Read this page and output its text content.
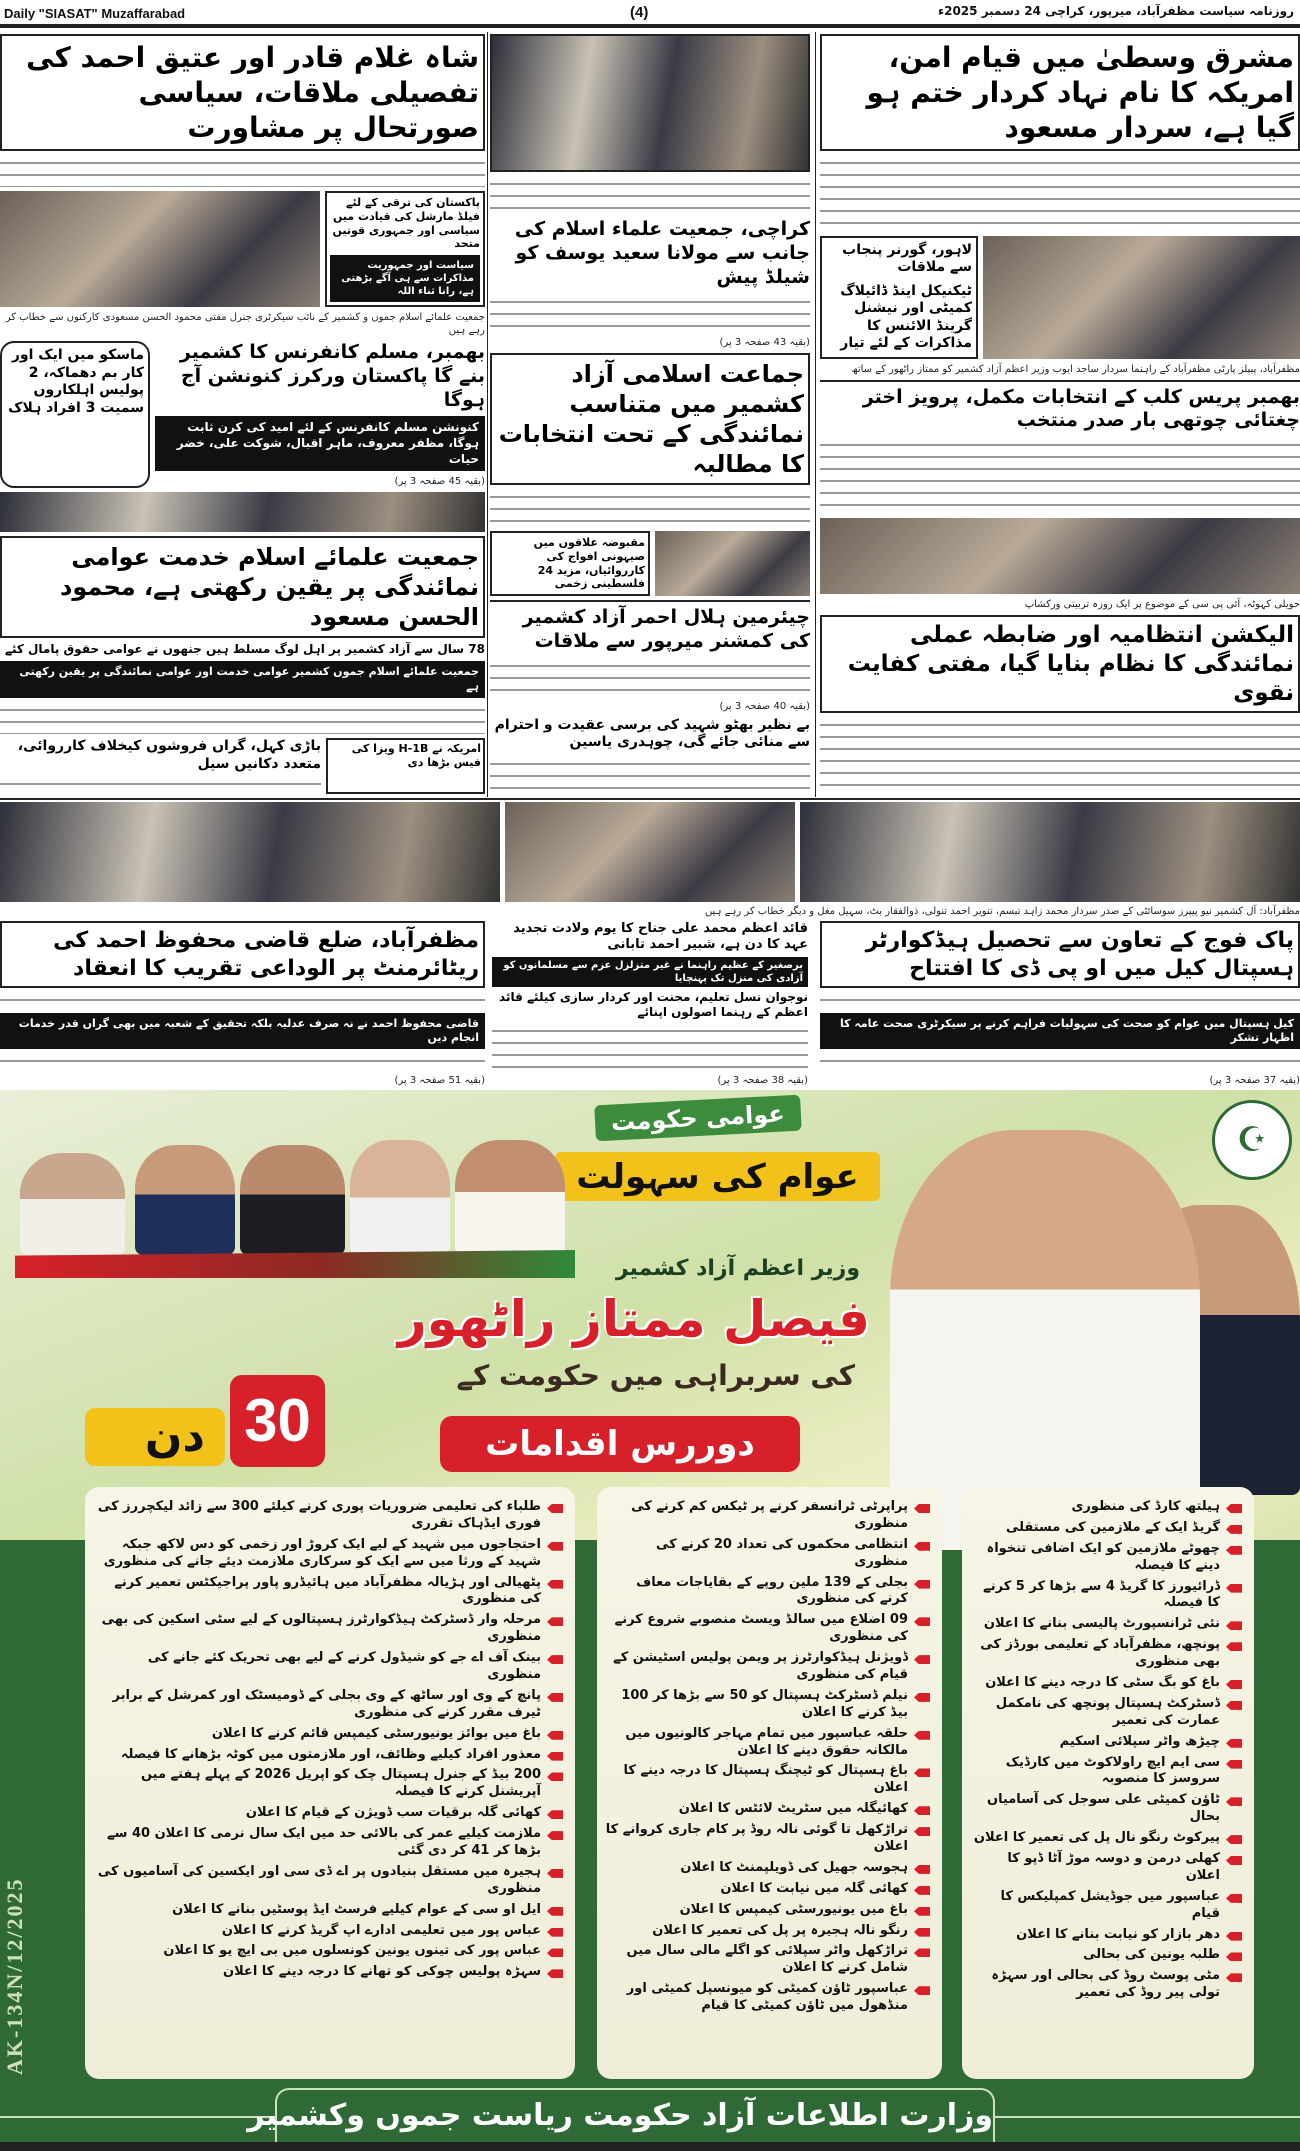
Daily "SIASAT" Muzaffarabad	(4)	روزنامہ سیاست مظفرآباد، میرپور، کراچی 24 دسمبر 2025ء
شاہ غلام قادر اور عتیق احمد کی تفصیلی ملاقات، سیاسی صورتحال پر مشاورت
پاکستان کی ترقی کے لئے فیلڈ مارشل کی قیادت میں سیاسی اور جمہوری قوتیں متحد
سیاست اور جمہوریت مذاکرات سے ہی آگے بڑھتی ہے، رانا ثناء اللہ
جمعیت علمائے اسلام جموں و کشمیر کے نائب سیکرٹری جنرل مفتی محمود الحسن مسعودی کارکنوں سے خطاب کر رہے ہیں
ماسکو میں ایک اور کار بم دھماکہ، 2 پولیس اہلکاروں سمیت 3 افراد ہلاک
بھمبر، مسلم کانفرنس کا کشمیر بنے گا پاکستان ورکرز کنونشن آج ہوگا
کنونشن مسلم کانفرنس کے لئے امید کی کرن ثابت ہوگا، مظفر معروف، ماہر اقبال، شوکت علی، خضر حیات
(بقیہ 45 صفحہ 3 پر)
جمعیت علمائے اسلام خدمت عوامی نمائندگی پر یقین رکھتی ہے، محمود الحسن مسعود
78 سال سے آزاد کشمیر پر اہل لوگ مسلط ہیں جنھوں نے عوامی حقوق پامال کئے
جمعیت علمائے اسلام جموں کشمیر عوامی خدمت اور عوامی نمائندگی پر یقین رکھتی ہے
باڑی کہل، گراں فروشوں کیخلاف کارروائی، متعدد دکانیں سیل
امریکہ نے H-1B ویزا کی فیس بڑھا دی
کراچی، جمعیت علماء اسلام کی جانب سے مولانا سعید یوسف کو شیلڈ پیش
(بقیہ 43 صفحہ 3 پر)
جماعت اسلامی آزاد کشمیر میں متناسب نمائندگی کے تحت انتخابات کا مطالبہ
مقبوضہ علاقوں میں صیہونی افواج کی کارروائیاں، مزید 24 فلسطینی زخمی
چیئرمین ہلال احمر آزاد کشمیر کی کمشنر میرپور سے ملاقات
(بقیہ 40 صفحہ 3 پر)
بے نظیر بھٹو شہید کی برسی عقیدت و احترام سے منائی جائے گی، چوہدری یاسین
مشرق وسطیٰ میں قیام امن، امریکہ کا نام نہاد کردار ختم ہو گیا ہے، سردار مسعود
لاہور، گورنر پنجاب سے ملاقات
ٹیکنیکل اینڈ ڈائیلاگ کمیٹی اور نیشنل گرینڈ الائنس کا مذاکرات کے لئے تیار
مظفرآباد، پیپلز پارٹی مظفرآباد کے راہنما سردار ساجد ایوب وزیر اعظم آزاد کشمیر کو ممتاز راٹھور کے ساتھ
بھمبر پریس کلب کے انتخابات مکمل، پرویز اختر چغتائی چوتھی بار صدر منتخب
حویلی کہوٹہ، آئی پی سی کے موضوع پر ایک روزہ تربیتی ورکشاپ
الیکشن انتظامیہ اور ضابطہ عملی نمائندگی کا نظام بنایا گیا، مفتی کفایت نقوی
مظفرآباد: آل کشمیر نیو پیپرز سوسائٹی کے صدر سردار محمد زاہد تبسم، تنویر احمد تنولی، ذوالفقار بٹ، سہیل مغل و دیگر خطاب کر رہے ہیں
پاک فوج کے تعاون سے تحصیل ہیڈکوارٹر ہسپتال کیل میں او پی ڈی کا افتتاح
کیل ہسپتال میں عوام کو صحت کی سہولیات فراہم کرنے پر سیکرٹری صحت عامہ کا اظہار تشکر
(بقیہ 37 صفحہ 3 پر)
قائد اعظم محمد علی جناح کا یوم ولادت تجدید عہد کا دن ہے، شبیر احمد تابانی
برصغیر کے عظیم راہنما نے غیر متزلزل عزم سے مسلمانوں کو آزادی کی منزل تک پہنچایا
نوجوان نسل تعلیم، محنت اور کردار سازی کیلئے قائد اعظم کے رہنما اصولوں اپنائے
(بقیہ 38 صفحہ 3 پر)
مظفرآباد، ضلع قاضی محفوظ احمد کی ریٹائرمنٹ پر الوداعی تقریب کا انعقاد
قاضی محفوظ احمد نے نہ صرف عدلیہ بلکہ تحقیق کے شعبہ میں بھی گراں قدر خدمات انجام دیں
(بقیہ 51 صفحہ 3 پر)
☪
عوامی حکومت
عوام کی سہولت
وزیر اعظم آزاد کشمیر
فیصل ممتاز راٹھور
کی سربراہی میں حکومت کے
دوررس اقدامات
دن 30
طلباء کی تعلیمی ضروریات پوری کرنے کیلئے 300 سے زائد لیکچررز کی فوری ایڈہاک تقرری
احتجاجوں میں شہید کے لیے ایک کروڑ اور زخمی کو دس لاکھ جبکہ شہید کے ورثا میں سے ایک کو سرکاری ملازمت دیئے جانے کی منظوری
پٹھیالی اور ہڑیالہ مظفرآباد میں ہائیڈرو پاور پراجیکٹس تعمیر کرنے کی منظوری
مرحلہ وار ڈسٹرکٹ ہیڈکوارٹرز ہسپتالوں کے لیے سٹی اسکین کی بھی منظوری
بینک آف اے جے کو شیڈول کرنے کے لیے بھی تحریک کئے جانے کی منظوری
پانچ کے وی اور ساٹھ کے وی بجلی کے ڈومیسٹک اور کمرشل کے برابر ٹیرف مقرر کرنے کی منظوری
باغ میں بوائز یونیورسٹی کیمپس قائم کرنے کا اعلان
معذور افراد کیلیے وظائف، اور ملازمتوں میں کوٹہ بڑھانے کا فیصلہ
200 بیڈ کے جنرل ہسپتال چک کو اپریل 2026 کے پہلے ہفتے میں آپریشنل کرنے کا فیصلہ
کھائی گلہ برقیات سب ڈویژن کے قیام کا اعلان
ملازمت کیلیے عمر کی بالائی حد میں ایک سال نرمی کا اعلان 40 سے بڑھا کر 41 کر دی گئی
ہجیرہ میں مستقل بنیادوں پر اے ڈی سی اور ایکسین کی آسامیوں کی منظوری
ایل او سی کے عوام کیلیے فرسٹ ایڈ پوسٹیں بنانے کا اعلان
عباس پور میں تعلیمی ادارے اپ گریڈ کرنے کا اعلان
عباس پور کی تینوں یونین کونسلوں میں بی ایچ یو کا اعلان
سہڑہ پولیس چوکی کو تھانے کا درجہ دینے کا اعلان
پراپرٹی ٹرانسفر کرنے پر ٹیکس کم کرنے کی منظوری
انتظامی محکموں کی تعداد 20 کرنے کی منظوری
بجلی کے 139 ملین روپے کے بقایاجات معاف کرنے کی منظوری
09 اضلاع میں سالڈ ویسٹ منصوبے شروع کرنے کی منظوری
ڈویژنل ہیڈکوارٹرز پر ویمن پولیس اسٹیشن کے قیام کی منظوری
نیلم ڈسٹرکٹ ہسپتال کو 50 سے بڑھا کر 100 بیڈ کرنے کا اعلان
حلقہ عباسپور میں تمام مہاجر کالونیوں میں مالکانہ حقوق دینے کا اعلان
باغ ہسپتال کو ٹیچنگ ہسپتال کا درجہ دینے کا اعلان
کھائیگلہ میں سٹریٹ لائٹس کا اعلان
تراڑکھل تا گوئی نالہ روڈ پر کام جاری کروانے کا اعلان
ہجوسہ جھیل کی ڈویلپمنٹ کا اعلان
کھائی گلہ میں نیابت کا اعلان
باغ میں یونیورسٹی کیمپس کا اعلان
رنگو نالہ ہجیرہ پر پل کی تعمیر کا اعلان
تراڑکھل واٹر سپلائی کو اگلے مالی سال میں شامل کرنے کا اعلان
عباسپور ٹاؤن کمیٹی کو میونسپل کمیٹی اور منڈھول میں ٹاؤن کمیٹی کا قیام
ہیلتھ کارڈ کی منظوری
گریڈ ایک کے ملازمین کی مستقلی
چھوٹے ملازمین کو ایک اضافی تنخواہ دینے کا فیصلہ
ڈرائیورز کا گریڈ 4 سے بڑھا کر 5 کرنے کا فیصلہ
نئی ٹرانسپورٹ پالیسی بنانے کا اعلان
پونچھ، مظفرآباد کے تعلیمی بورڈز کی بھی منظوری
باغ کو بگ سٹی کا درجہ دینے کا اعلان
ڈسٹرکٹ ہسپتال پونچھ کی نامکمل عمارت کی تعمیر
چیڑھ واٹر سپلائی اسکیم
سی ایم ایچ راولاکوٹ میں کارڈیک سروسز کا منصوبہ
ٹاؤن کمیٹی علی سوجل کی آسامیاں بحال
پیرکوٹ رنگو نال پل کی تعمیر کا اعلان
کھلی درمن و دوسہ موڑ آٹا ڈپو کا اعلان
عباسپور میں جوڈیشل کمپلیکس کا قیام
دھر بازار کو نیابت بنانے کا اعلان
طلبہ یونین کی بحالی
مٹی پوسٹ روڈ کی بحالی اور سہڑہ تولی پیر روڈ کی تعمیر
AK-134N/12/2025
وزارت اطلاعات آزاد حکومت ریاست جموں وکشمیر
